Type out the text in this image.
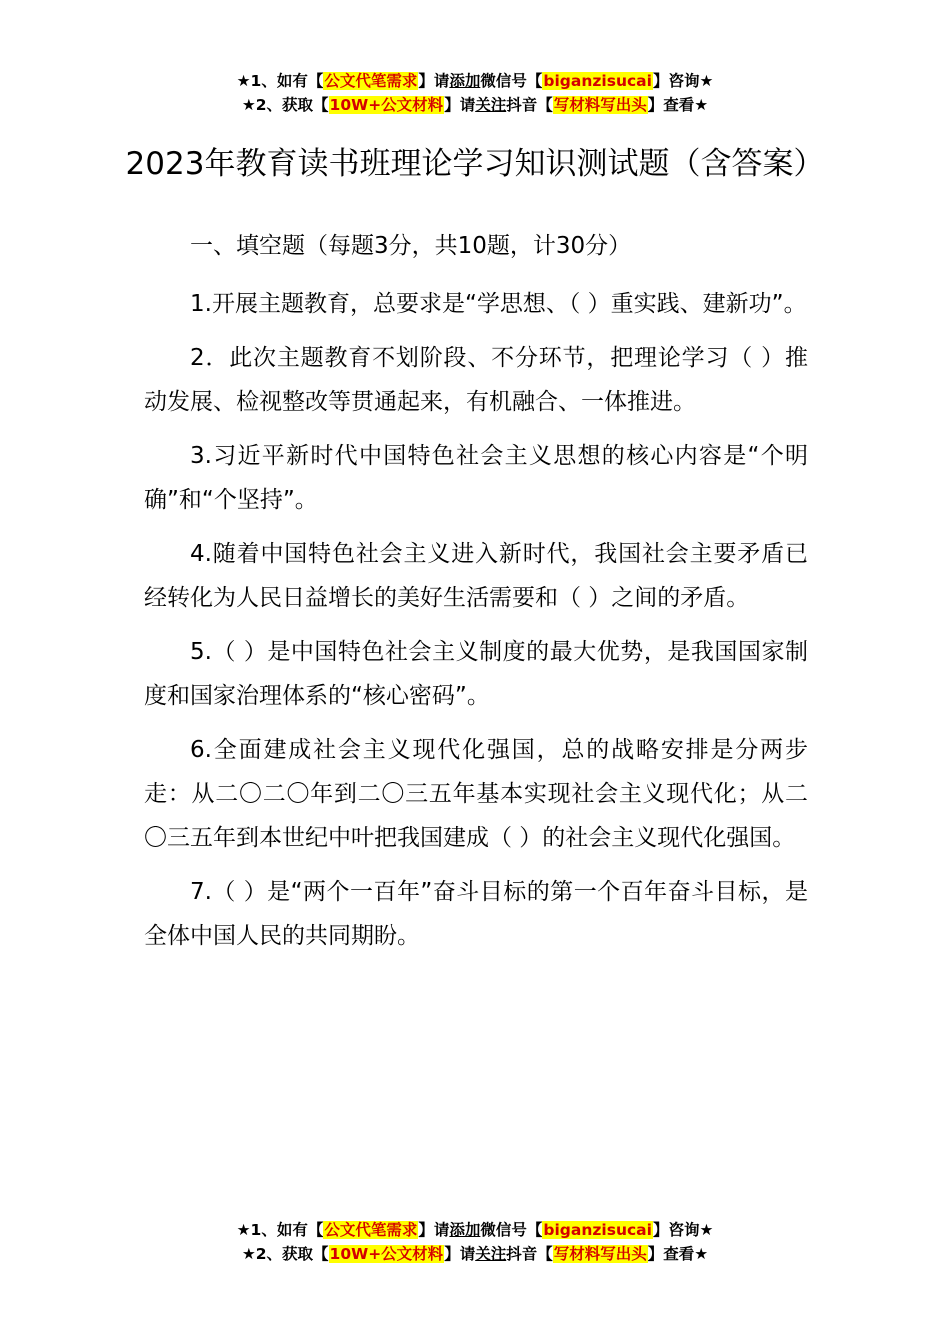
★1、如有【公文代笔需求】请添加微信号【biganzisucai】咨询★
★2、获取【10W+公文材料】请关注抖音【写材料写出头】查看★
2023年教育读书班理论学习知识测试题（含答案）

一、填空题（每题3分，共10题，计30分）

1.开展主题教育，总要求是“学思想、（ ）重实践、建新功”。

2．此次主题教育不划阶段、不分环节，把理论学习（ ）推动发展、检视整改等贯通起来，有机融合、一体推进。

3.习近平新时代中国特色社会主义思想的核心内容是“个明确”和“个坚持”。

4.随着中国特色社会主义进入新时代，我国社会主要矛盾已经转化为人民日益增长的美好生活需要和（ ）之间的矛盾。

5.（ ）是中国特色社会主义制度的最大优势，是我国国家制度和国家治理体系的“核心密码”。

6.全面建成社会主义现代化强国，总的战略安排是分两步走：从二〇二〇年到二〇三五年基本实现社会主义现代化；从二〇三五年到本世纪中叶把我国建成（ ）的社会主义现代化强国。

7.（ ）是“两个一百年”奋斗目标的第一个百年奋斗目标，是全体中国人民的共同期盼。

★1、如有【公文代笔需求】请添加微信号【biganzisucai】咨询★
★2、获取【10W+公文材料】请关注抖音【写材料写出头】查看★
